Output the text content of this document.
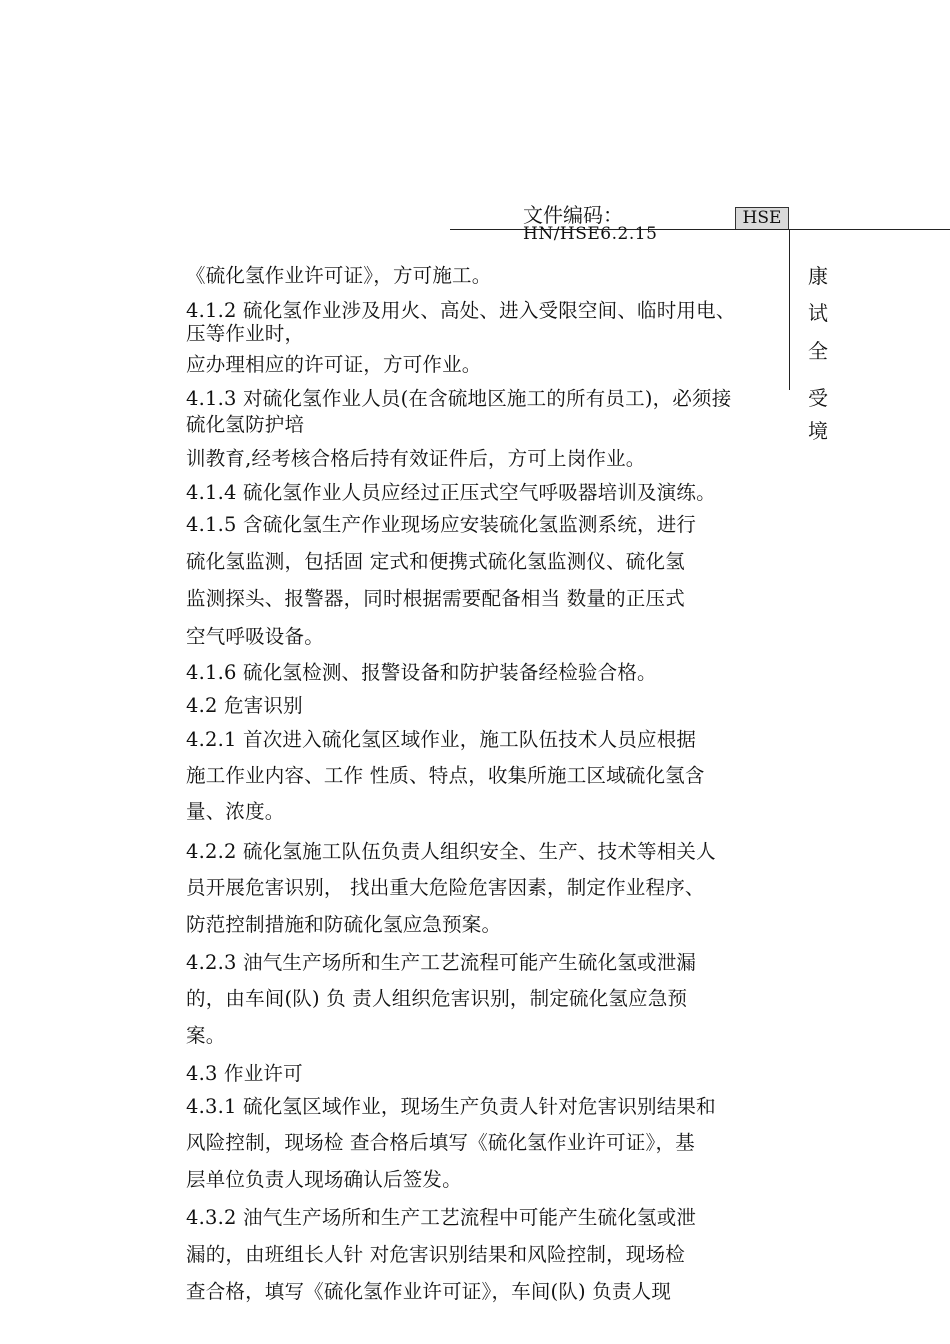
文件编码：
HN/HSE6.2.15
HSE
康
试
全
受
境
《硫化氢作业许可证》，方可施工。
4.1.2 硫化氢作业涉及用火、高处、进入受限空间、临时用电、
压等作业时，
应办理相应的许可证，方可作业。
4.1.3 对硫化氢作业人员(在含硫地区施工的所有员工)，必须接
硫化氢防护培
训教育,经考核合格后持有效证件后，方可上岗作业。
4.1.4 硫化氢作业人员应经过正压式空气呼吸器培训及演练。
4.1.5 含硫化氢生产作业现场应安装硫化氢监测系统，进行
硫化氢监测，包括固 定式和便携式硫化氢监测仪、硫化氢
监测探头、报警器，同时根据需要配备相当 数量的正压式
空气呼吸设备。
4.1.6 硫化氢检测、报警设备和防护装备经检验合格。
4.2 危害识别
4.2.1 首次进入硫化氢区域作业，施工队伍技术人员应根据
施工作业内容、工作 性质、特点，收集所施工区域硫化氢含
量、浓度。
4.2.2 硫化氢施工队伍负责人组织安全、生产、技术等相关人
员开展危害识别， 找出重大危险危害因素，制定作业程序、
防范控制措施和防硫化氢应急预案。
4.2.3 油气生产场所和生产工艺流程可能产生硫化氢或泄漏
的，由车间(队) 负 责人组织危害识别，制定硫化氢应急预
案。
4.3 作业许可
4.3.1 硫化氢区域作业，现场生产负责人针对危害识别结果和
风险控制，现场检 查合格后填写《硫化氢作业许可证》，基
层单位负责人现场确认后签发。
4.3.2 油气生产场所和生产工艺流程中可能产生硫化氢或泄
漏的，由班组长人针 对危害识别结果和风险控制，现场检
查合格，填写《硫化氢作业许可证》，车间(队) 负责人现
